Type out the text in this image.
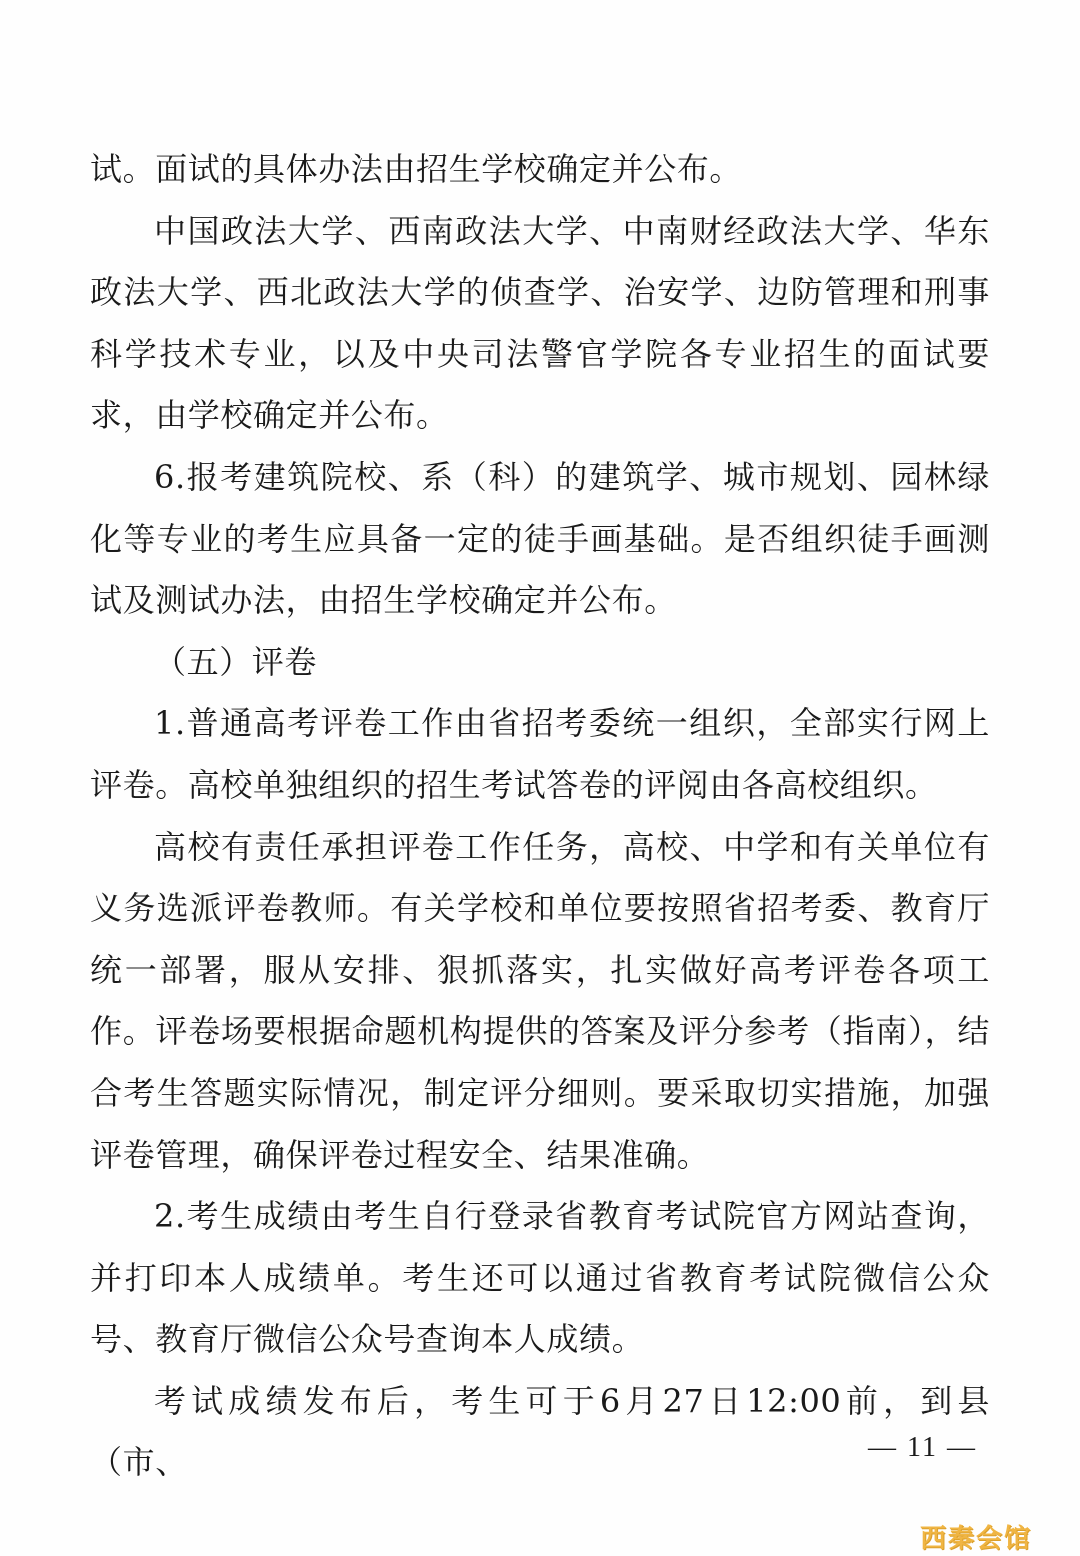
试。面试的具体办法由招生学校确定并公布。

中国政法大学、西南政法大学、中南财经政法大学、华东政法大学、西北政法大学的侦查学、治安学、边防管理和刑事科学技术专业，以及中央司法警官学院各专业招生的面试要求，由学校确定并公布。

6.报考建筑院校、系（科）的建筑学、城市规划、园林绿化等专业的考生应具备一定的徒手画基础。是否组织徒手画测试及测试办法，由招生学校确定并公布。

（五）评卷

1.普通高考评卷工作由省招考委统一组织，全部实行网上评卷。高校单独组织的招生考试答卷的评阅由各高校组织。

高校有责任承担评卷工作任务，高校、中学和有关单位有义务选派评卷教师。有关学校和单位要按照省招考委、教育厅统一部署，服从安排、狠抓落实，扎实做好高考评卷各项工作。评卷场要根据命题机构提供的答案及评分参考（指南），结合考生答题实际情况，制定评分细则。要采取切实措施，加强评卷管理，确保评卷过程安全、结果准确。

2.考生成绩由考生自行登录省教育考试院官方网站查询，并打印本人成绩单。考生还可以通过省教育考试院微信公众号、教育厅微信公众号查询本人成绩。

考试成绩发布后，考生可于6月27日12:00前，到县（市、	— 11 —
西秦会馆
